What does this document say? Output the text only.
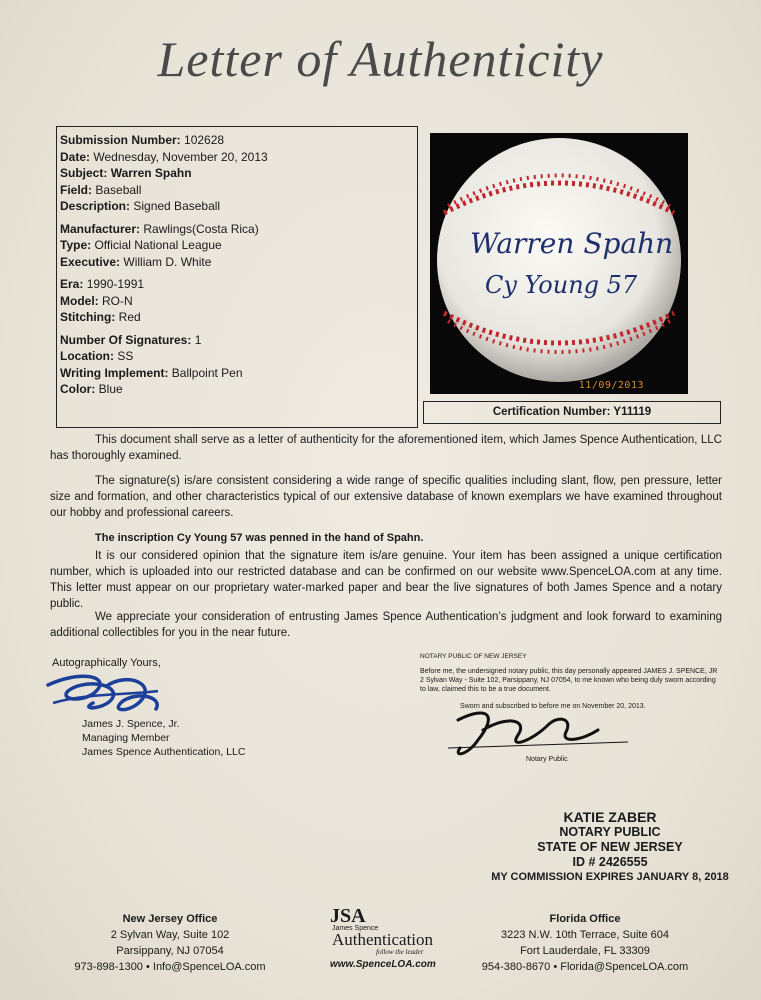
Letter of Authenticity
Submission Number: 102628
Date: Wednesday, November 20, 2013
Subject: Warren Spahn
Field: Baseball
Description: Signed Baseball
Manufacturer: Rawlings(Costa Rica)
Type: Official National League
Executive: William D. White
Era: 1990-1991
Model: RO-N
Stitching: Red
Number Of Signatures: 1
Location: SS
Writing Implement: Ballpoint Pen
Color: Blue
Warren Spahn
Cy Young 57
11/09/2013
Certification Number: Y11119
This document shall serve as a letter of authenticity for the aforementioned item, which James Spence Authentication, LLC has thoroughly examined.
The signature(s) is/are consistent considering a wide range of specific qualities including slant, flow, pen pressure, letter size and formation, and other characteristics typical of our extensive database of known exemplars we have examined throughout our hobby and professional careers.
The inscription Cy Young 57 was penned in the hand of Spahn.
It is our considered opinion that the signature item is/are genuine. Your item has been assigned a unique certification number, which is uploaded into our restricted database and can be confirmed on our website www.SpenceLOA.com at any time. This letter must appear on our proprietary water-marked paper and bear the live signatures of both James Spence and a notary public.
We appreciate your consideration of entrusting James Spence Authentication’s judgment and look forward to examining additional collectibles for you in the near future.
Autographically Yours,
James J. Spence, Jr.
Managing Member
James Spence Authentication, LLC
NOTARY PUBLIC OF NEW JERSEY
Before me, the undersigned notary public, this day personally appeared JAMES J. SPENCE, JR 2 Sylvan Way - Suite 102, Parsippany, NJ 07054, to me known who being duly sworn according to law, claimed this to be a true document.
Sworn and subscribed to before me on November 20, 2013.
Notary Public
KATIE ZABER
NOTARY PUBLIC
STATE OF NEW JERSEY
ID # 2426555
MY COMMISSION EXPIRES JANUARY 8, 2018
New Jersey Office
2 Sylvan Way, Suite 102
Parsippany, NJ 07054
973-898-1300 • Info@SpenceLOA.com
JSA
James Spence
Authentication
follow the leader
www.SpenceLOA.com
Florida Office
3223 N.W. 10th Terrace, Suite 604
Fort Lauderdale, FL 33309
954-380-8670 • Florida@SpenceLOA.com
